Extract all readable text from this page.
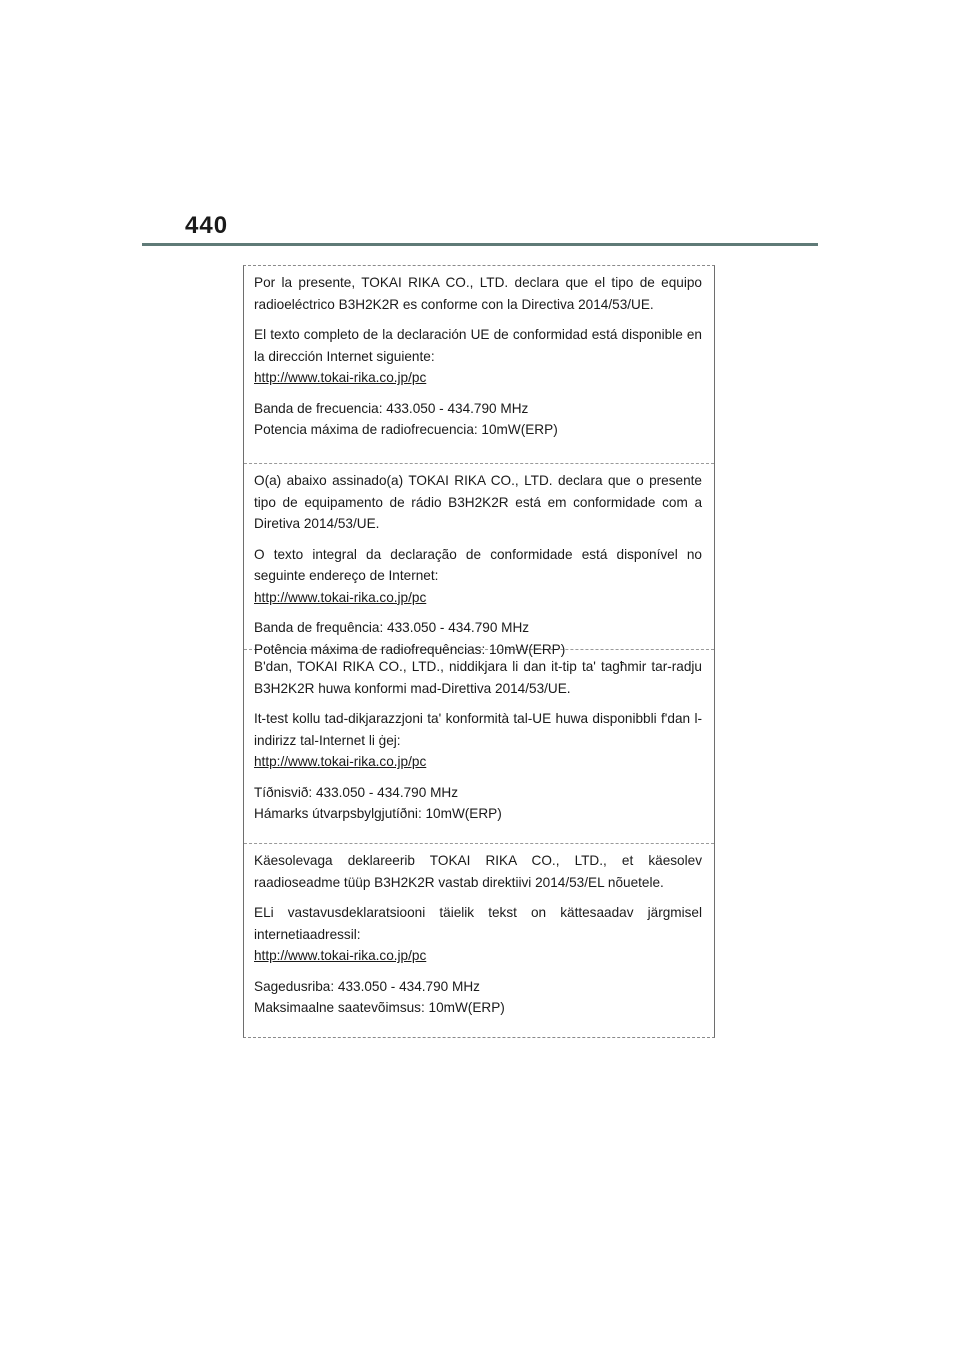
440

Por la presente, TOKAI RIKA CO., LTD. declara que el tipo de equipo radioeléctrico B3H2K2R es conforme con la Directiva 2014/53/UE.

El texto completo de la declaración UE de conformidad está disponible en la dirección Internet siguiente:
http://www.tokai-rika.co.jp/pc

Banda de frecuencia: 433.050 - 434.790 MHz
Potencia máxima de radiofrecuencia: 10mW(ERP)

O(a) abaixo assinado(a) TOKAI RIKA CO., LTD. declara que o presente tipo de equipamento de rádio B3H2K2R está em conformidade com a Diretiva 2014/53/UE.

O texto integral da declaração de conformidade está disponível no seguinte endereço de Internet:
http://www.tokai-rika.co.jp/pc

Banda de frequência: 433.050 - 434.790 MHz
Potência máxima de radiofrequências: 10mW(ERP)

B'dan, TOKAI RIKA CO., LTD., niddikjara li dan it-tip ta' tagħmir tar-radju B3H2K2R huwa konformi mad-Direttiva 2014/53/UE.

It-test kollu tad-dikjarazzjoni ta' konformità tal-UE huwa disponibbli f'dan l-indirizz tal-Internet li ġej:
http://www.tokai-rika.co.jp/pc

Tíðnisvið: 433.050 - 434.790 MHz
Hámarks útvarpsbylgjutíðni: 10mW(ERP)

Käesolevaga deklareerib TOKAI RIKA CO., LTD., et käesolev raadioseadme tüüp B3H2K2R vastab direktiivi 2014/53/EL nõuetele.

ELi vastavusdeklaratsiooni täielik tekst on kättesaadav järgmisel internetiaadressil:
http://www.tokai-rika.co.jp/pc

Sagedusriba: 433.050 - 434.790 MHz
Maksimaalne saatevõimsus: 10mW(ERP)
